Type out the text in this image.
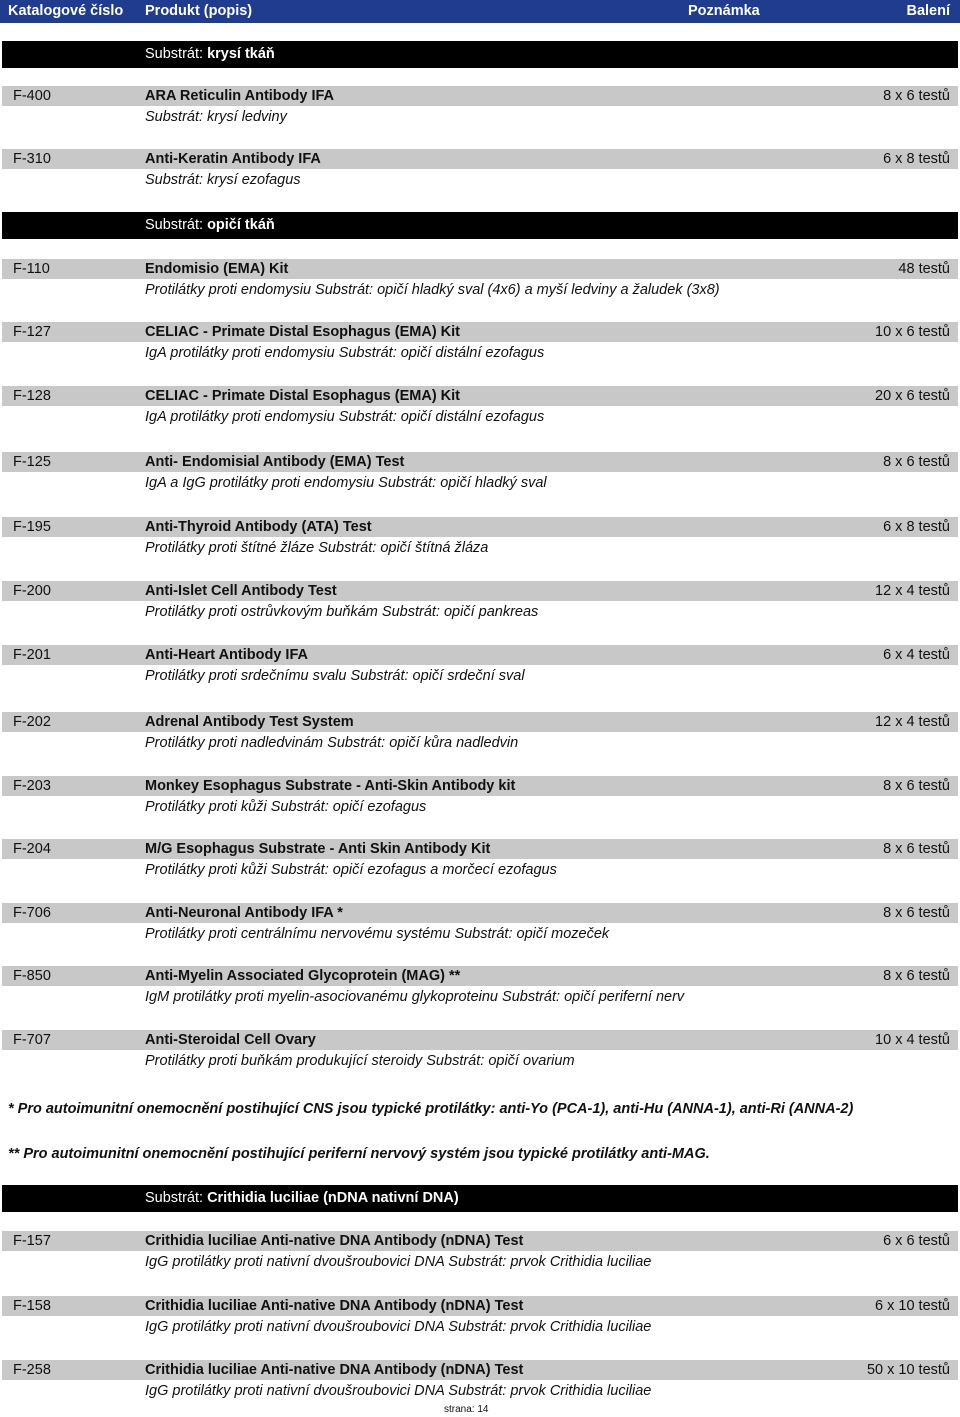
Katalogové číslo Produkt (popis)	Poznámka	Balení
Substrát: krysí tkáň
F-400	ARA Reticulin Antibody IFA	8 x 6 testů
Substrát: krysí ledviny
F-310	Anti-Keratin Antibody IFA	6 x 8 testů
Substrát: krysí ezofagus
Substrát: opičí tkáň
F-110	Endomisio (EMA) Kit	48 testů
Protilátky proti endomysiu Substrát: opičí hladký sval (4x6) a myší ledviny a žaludek (3x8)
F-127	CELIAC - Primate Distal Esophagus (EMA) Kit	10 x 6 testů
IgA protilátky proti endomysiu Substrát: opičí distální ezofagus
F-128	CELIAC - Primate Distal Esophagus (EMA) Kit	20 x 6 testů
IgA protilátky proti endomysiu Substrát: opičí distální ezofagus
F-125	Anti- Endomisial Antibody (EMA) Test	8 x 6 testů
IgA a IgG protilátky proti endomysiu Substrát: opičí hladký sval
F-195	Anti-Thyroid Antibody (ATA) Test	6 x 8 testů
Protilátky proti štítné žláze Substrát: opičí štítná žláza
F-200	Anti-Islet Cell Antibody Test	12 x 4 testů
Protilátky proti ostrůvkovým buňkám Substrát: opičí pankreas
F-201	Anti-Heart Antibody IFA	6 x 4 testů
Protilátky proti srdečnímu svalu Substrát: opičí srdeční sval
F-202	Adrenal Antibody Test System	12 x 4 testů
Protilátky proti nadledvinám Substrát: opičí kůra nadledvin
F-203	Monkey Esophagus Substrate - Anti-Skin Antibody kit	8 x 6 testů
Protilátky proti kůži Substrát: opičí ezofagus
F-204	M/G Esophagus Substrate - Anti Skin Antibody Kit	8 x 6 testů
Protilátky proti kůži Substrát: opičí ezofagus a morčecí ezofagus
F-706	Anti-Neuronal Antibody IFA *	8 x 6 testů
Protilátky proti centrálnímu nervovému systému Substrát: opičí mozeček
F-850	Anti-Myelin Associated Glycoprotein (MAG) **	8 x 6 testů
IgM protilátky proti myelin-asociovanému glykoproteinu Substrát: opičí periferní nerv
F-707	Anti-Steroidal Cell Ovary	10 x 4 testů
Protilátky proti buňkám produkující steroidy Substrát: opičí ovarium
* Pro autoimunitní onemocnění postihující CNS jsou typické protilátky: anti-Yo (PCA-1), anti-Hu (ANNA-1), anti-Ri (ANNA-2)
** Pro autoimunitní onemocnění postihující periferní nervový systém jsou typické protilátky anti-MAG.
Substrát: Crithidia luciliae (nDNA nativní DNA)
F-157	Crithidia luciliae Anti-native DNA Antibody (nDNA) Test	6 x 6 testů
IgG protilátky proti nativní dvoušroubovici DNA Substrát: prvok Crithidia luciliae
F-158	Crithidia luciliae Anti-native DNA Antibody (nDNA) Test	6 x 10 testů
IgG protilátky proti nativní dvoušroubovici DNA Substrát: prvok Crithidia luciliae
F-258	Crithidia luciliae Anti-native DNA Antibody (nDNA) Test	50 x 10 testů
IgG protilátky proti nativní dvoušroubovici DNA Substrát: prvok Crithidia luciliae
strana: 14
